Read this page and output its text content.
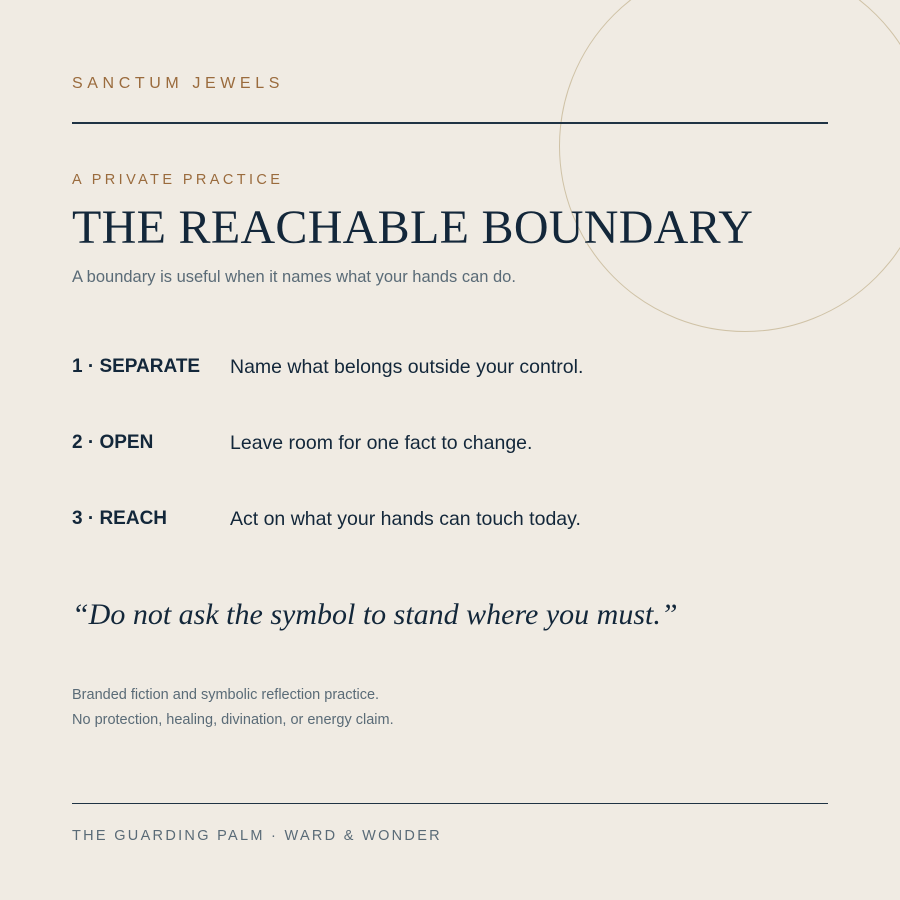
SANCTUM JEWELS
A PRIVATE PRACTICE
THE REACHABLE BOUNDARY
A boundary is useful when it names what your hands can do.
1 · SEPARATE Name what belongs outside your control.
2 · OPEN	Leave room for one fact to change.
3 · REACH	Act on what your hands can touch today.
“Do not ask the symbol to stand where you must.”
Branded fiction and symbolic reflection practice.
No protection, healing, divination, or energy claim.
THE GUARDING PALM · WARD & WONDER
